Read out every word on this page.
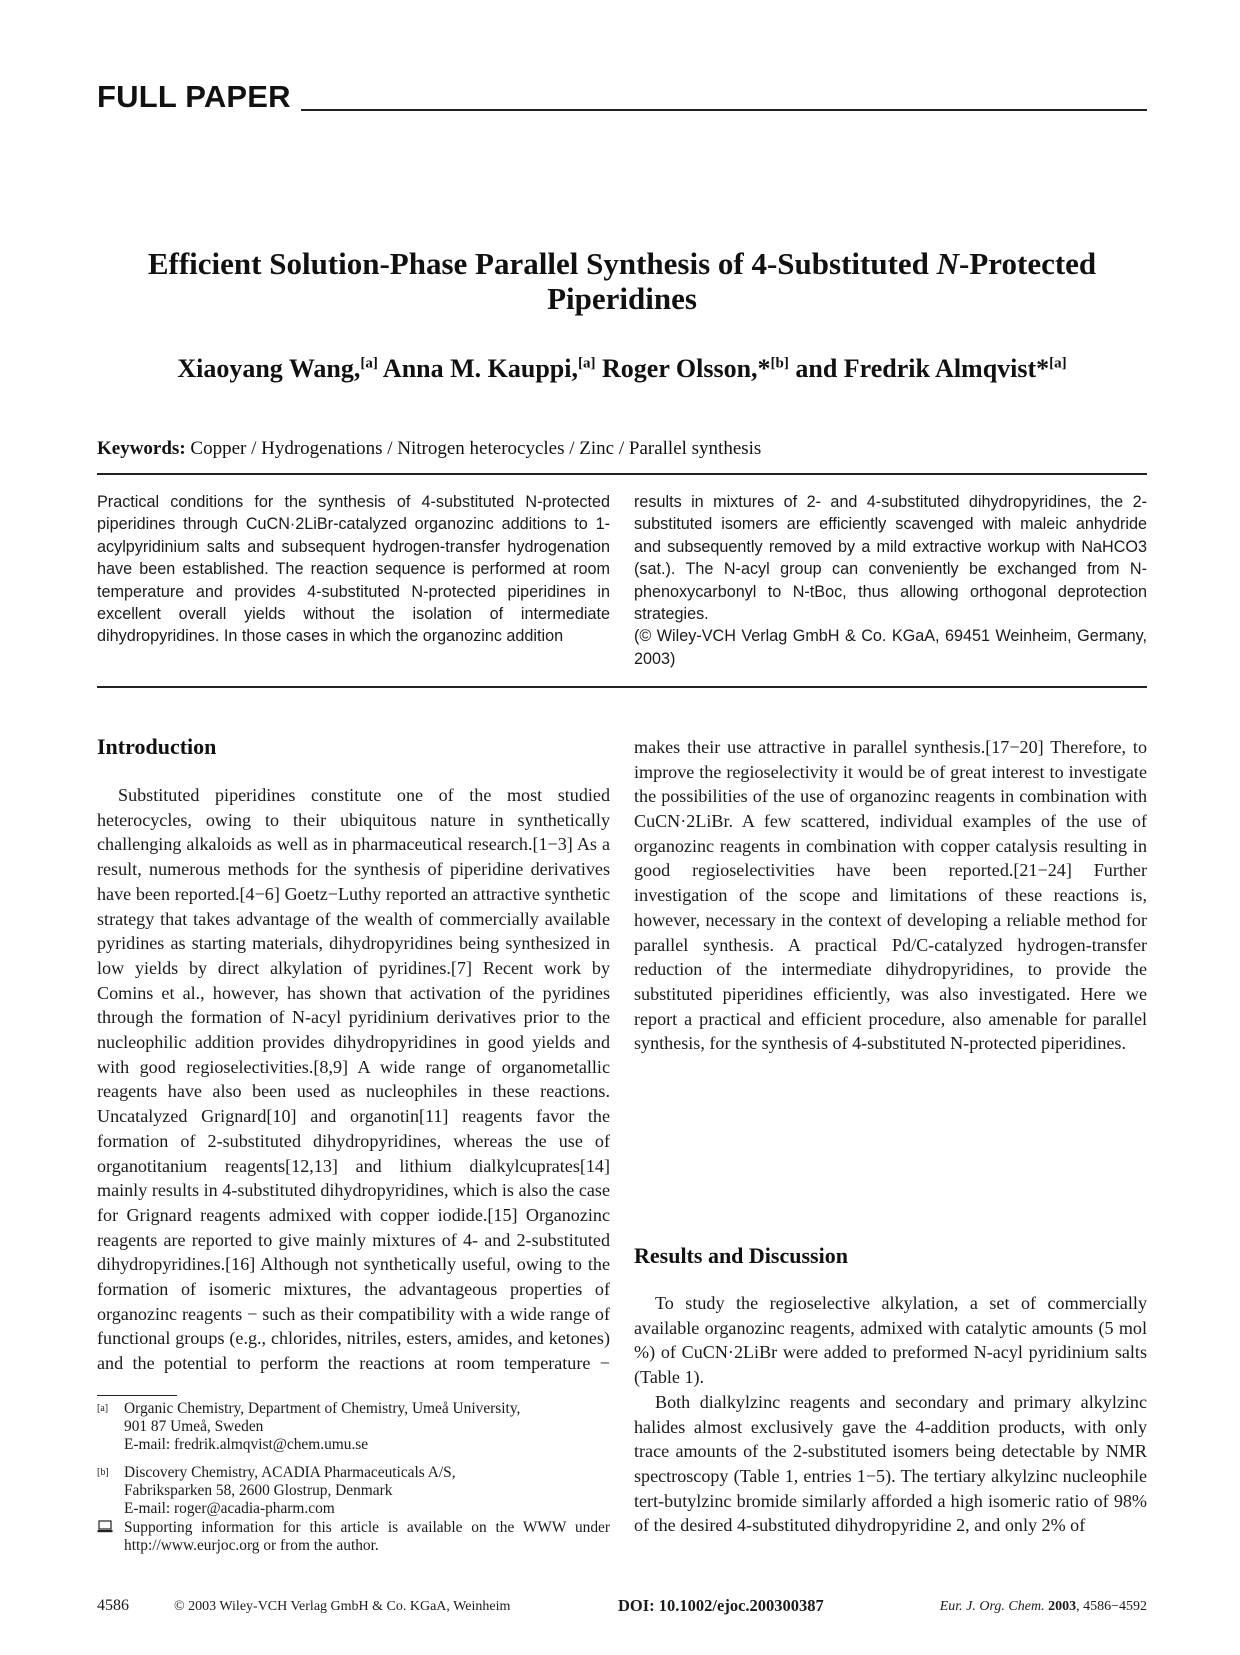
FULL PAPER
Efficient Solution-Phase Parallel Synthesis of 4-Substituted N-Protected
Piperidines
Xiaoyang Wang,[a] Anna M. Kauppi,[a] Roger Olsson,*[b] and Fredrik Almqvist*[a]
Keywords: Copper / Hydrogenations / Nitrogen heterocycles / Zinc / Parallel synthesis

Practical conditions for the synthesis of 4-substituted N-protected piperidines through CuCN·2LiBr-catalyzed organozinc additions to 1-acylpyridinium salts and subsequent hydrogen-transfer hydrogenation have been established. The reaction sequence is performed at room temperature and provides 4-substituted N-protected piperidines in excellent overall yields without the isolation of intermediate dihydropyridines. In those cases in which the organozinc addition

results in mixtures of 2- and 4-substituted dihydropyridines, the 2-substituted isomers are efficiently scavenged with maleic anhydride and subsequently removed by a mild extractive workup with NaHCO3 (sat.). The N-acyl group can conveniently be exchanged from N-phenoxycarbonyl to N-tBoc, thus allowing orthogonal deprotection strategies.

(© Wiley-VCH Verlag GmbH & Co. KGaA, 69451 Weinheim, Germany, 2003)

Introduction

Substituted piperidines constitute one of the most studied heterocycles, owing to their ubiquitous nature in synthetically challenging alkaloids as well as in pharmaceutical research.[1−3] As a result, numerous methods for the synthesis of piperidine derivatives have been reported.[4−6] Goetz−Luthy reported an attractive synthetic strategy that takes advantage of the wealth of commercially available pyridines as starting materials, dihydropyridines being synthesized in low yields by direct alkylation of pyridines.[7] Recent work by Comins et al., however, has shown that activation of the pyridines through the formation of N-acyl pyridinium derivatives prior to the nucleophilic addition provides dihydropyridines in good yields and with good regioselectivities.[8,9] A wide range of organometallic reagents have also been used as nucleophiles in these reactions. Uncatalyzed Grignard[10] and organotin[11] reagents favor the formation of 2-substituted dihydropyridines, whereas the use of organotitanium reagents[12,13] and lithium dialkylcuprates[14] mainly results in 4-substituted dihydropyridines, which is also the case for Grignard reagents admixed with copper iodide.[15] Organozinc reagents are reported to give mainly mixtures of 4- and 2-substituted dihydropyridines.[16] Although not synthetically useful, owing to the formation of isomeric mixtures, the advantageous properties of organozinc reagents − such as their compatibility with a wide range of functional groups (e.g., chlorides, nitriles, esters, amides, and ketones) and the potential to perform the reactions at room temperature −

makes their use attractive in parallel synthesis.[17−20] Therefore, to improve the regioselectivity it would be of great interest to investigate the possibilities of the use of organozinc reagents in combination with CuCN·2LiBr. A few scattered, individual examples of the use of organozinc reagents in combination with copper catalysis resulting in good regioselectivities have been reported.[21−24] Further investigation of the scope and limitations of these reactions is, however, necessary in the context of developing a reliable method for parallel synthesis. A practical Pd/C-catalyzed hydrogen-transfer reduction of the intermediate dihydropyridines, to provide the substituted piperidines efficiently, was also investigated. Here we report a practical and efficient procedure, also amenable for parallel synthesis, for the synthesis of 4-substituted N-protected piperidines.

Results and Discussion

To study the regioselective alkylation, a set of commercially available organozinc reagents, admixed with catalytic amounts (5 mol %) of CuCN·2LiBr were added to preformed N-acyl pyridinium salts (Table 1).

Both dialkylzinc reagents and secondary and primary alkylzinc halides almost exclusively gave the 4-addition products, with only trace amounts of the 2-substituted isomers being detectable by NMR spectroscopy (Table 1, entries 1−5). The tertiary alkylzinc nucleophile tert-butylzinc bromide similarly afforded a high isomeric ratio of 98% of the desired 4-substituted dihydropyridine 2, and only 2% of

[a] Organic Chemistry, Department of Chemistry, Umeå University,
901 87 Umeå, Sweden
E-mail: fredrik.almqvist@chem.umu.se
[b] Discovery Chemistry, ACADIA Pharmaceuticals A/S,
Fabriksparken 58, 2600 Glostrup, Denmark
E-mail: roger@acadia-pharm.com
Supporting information for this article is available on the WWW under http://www.eurjoc.org or from the author.
4586	© 2003 Wiley-VCH Verlag GmbH & Co. KGaA, Weinheim	DOI: 10.1002/ejoc.200300387	Eur. J. Org. Chem. 2003, 4586−4592
